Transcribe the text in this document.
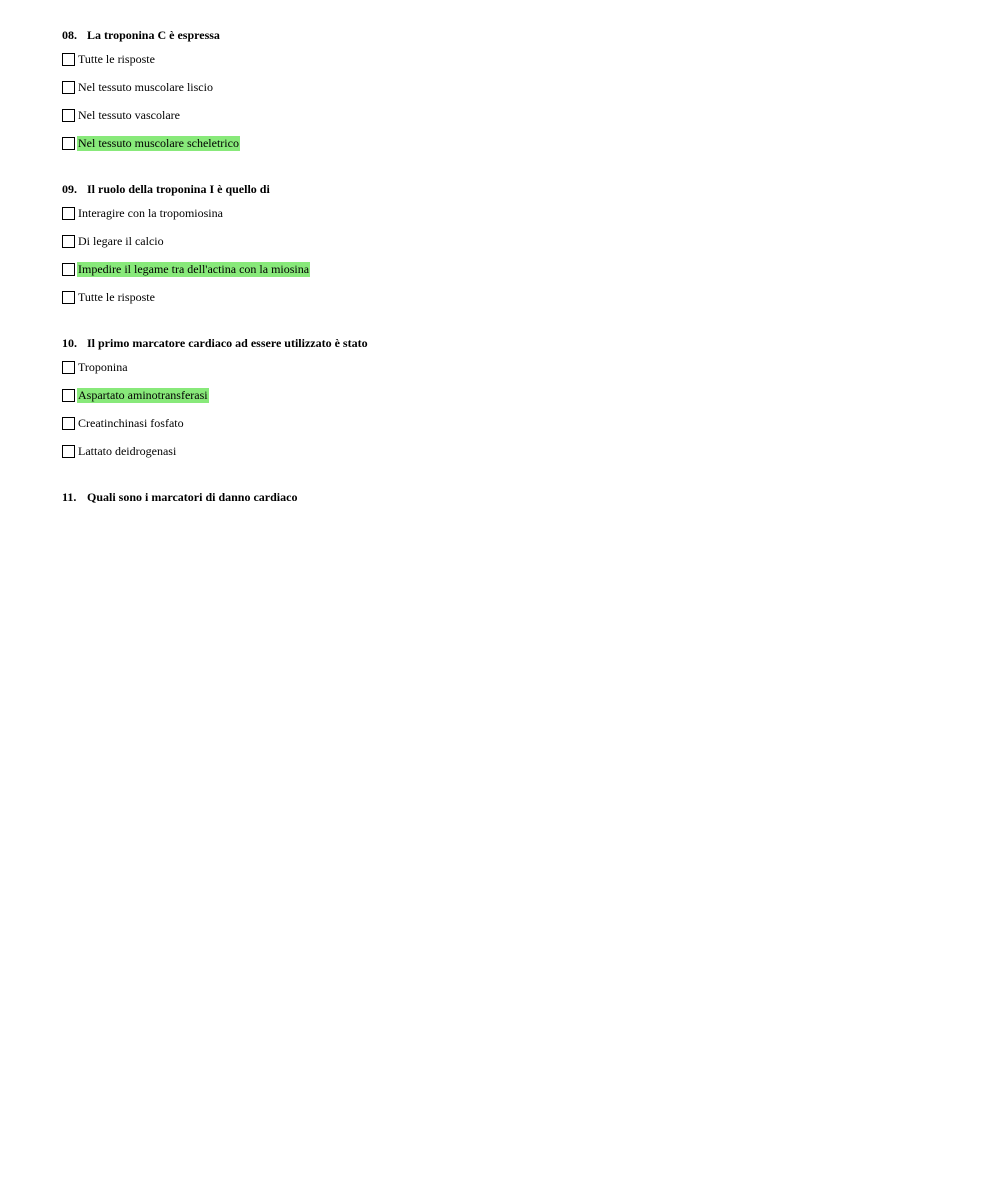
08. La troponina C è espressa
Tutte le risposte
Nel tessuto muscolare liscio
Nel tessuto vascolare
Nel tessuto muscolare scheletrico
09. Il ruolo della troponina I è quello di
Interagire con la tropomiosina
Di legare il calcio
Impedire il legame tra dell'actina con la miosina
Tutte le risposte
10. Il primo marcatore cardiaco ad essere utilizzato è stato
Troponina
Aspartato aminotransferasi
Creatinchinasi fosfato
Lattato deidrogenasi
11. Quali sono i marcatori di danno cardiaco
